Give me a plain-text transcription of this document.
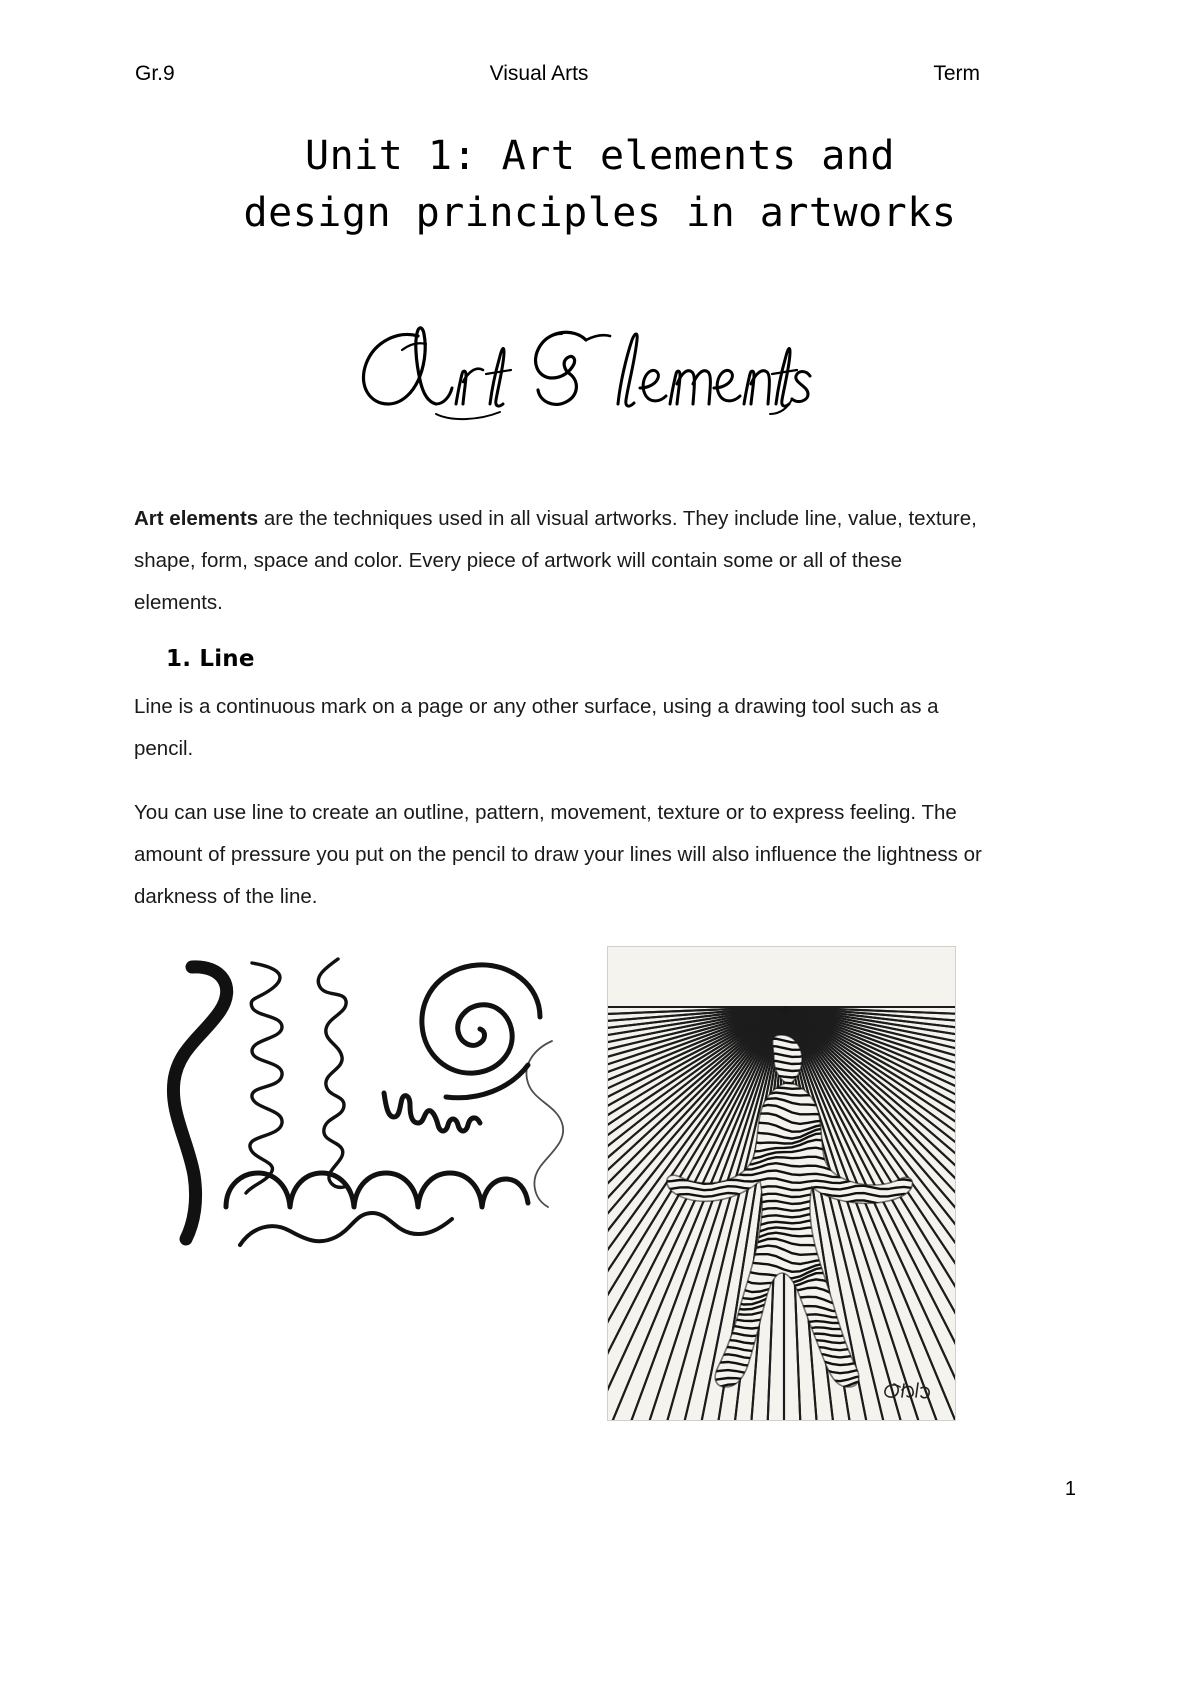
Gr.9	Visual Arts	Term
Unit 1: Art elements and
design principles in artworks

Art elements are the techniques used in all visual artworks. They include line, value, texture, shape, form, space and color. Every piece of artwork will contain some or all of these elements.

1. Line

Line is a continuous mark on a page or any other surface, using a drawing tool such as a pencil.

You can use line to create an outline, pattern, movement, texture or to express feeling. The amount of pressure you put on the pencil to draw your lines will also influence the lightness or darkness of the line.

1
